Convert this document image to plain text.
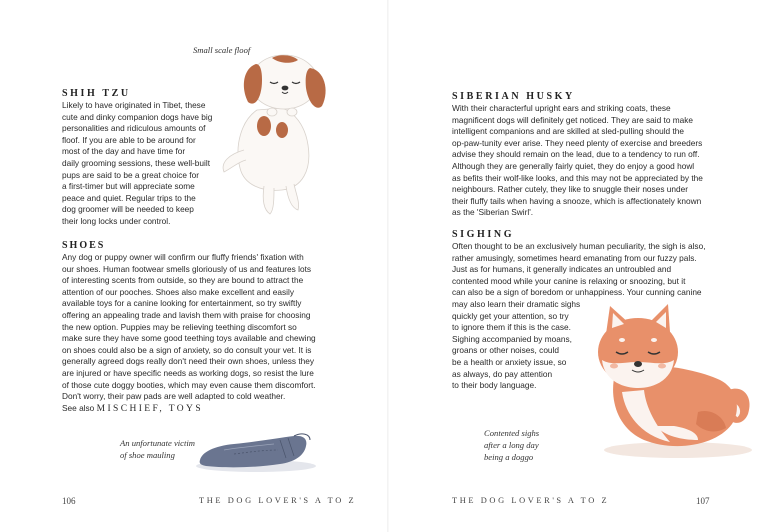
Small scale floof
SHIH TZU

Likely to have originated in Tibet, these
cute and dinky companion dogs have big
personalities and ridiculous amounts of
floof. If you are able to be around for
most of the day and have time for
daily grooming sessions, these well-built
pups are said to be a great choice for
a first-timer but will appreciate some
peace and quiet. Regular trips to the
dog groomer will be needed to keep
their long locks under control.

SHOES

Any dog or puppy owner will confirm our fluffy friends' fixation with
our shoes. Human footwear smells gloriously of us and features lots
of interesting scents from outside, so they are bound to attract the
attention of our pooches. Shoes also make excellent and easily
available toys for a canine looking for entertainment, so try swiftly
offering an appealing trade and lavish them with praise for choosing
the new option. Puppies may be relieving teething discomfort so
make sure they have some good teething toys available and chewing
on shoes could also be a sign of anxiety, so do consult your vet. It is
generally agreed dogs really don't need their own shoes, unless they
are injured or have specific needs as working dogs, so resist the lure
of those cute doggy booties, which may even cause them discomfort.
Don't worry, their paw pads are well adapted to cold weather.
See also MISCHIEF, TOYS

An unfortunate victim
of shoe mauling
106	THE DOG LOVER'S A TO Z
SIBERIAN HUSKY

With their characterful upright ears and striking coats, these
magnificent dogs will definitely get noticed. They are said to make
intelligent companions and are skilled at sled-pulling should the
op-paw-tunity ever arise. They need plenty of exercise and breeders
advise they should remain on the lead, due to a tendency to run off.
Although they are generally fairly quiet, they do enjoy a good howl
as befits their wolf-like looks, and this may not be appreciated by the
neighbours. Rather cutely, they like to snuggle their noses under
their fluffy tails when having a snooze, which is affectionately known
as the 'Siberian Swirl'.

SIGHING

Often thought to be an exclusively human peculiarity, the sigh is also,
rather amusingly, sometimes heard emanating from our fuzzy pals.
Just as for humans, it generally indicates an untroubled and
contented mood while your canine is relaxing or snoozing, but it
can also be a sign of boredom or unhappiness. Your cunning canine
may also learn their dramatic sighs
quickly get your attention, so try
to ignore them if this is the case.
Sighing accompanied by moans,
groans or other noises, could
be a health or anxiety issue, so
as always, do pay attention
to their body language.

Contented sighs
after a long day
being a doggo
THE DOG LOVER'S A TO Z	107
